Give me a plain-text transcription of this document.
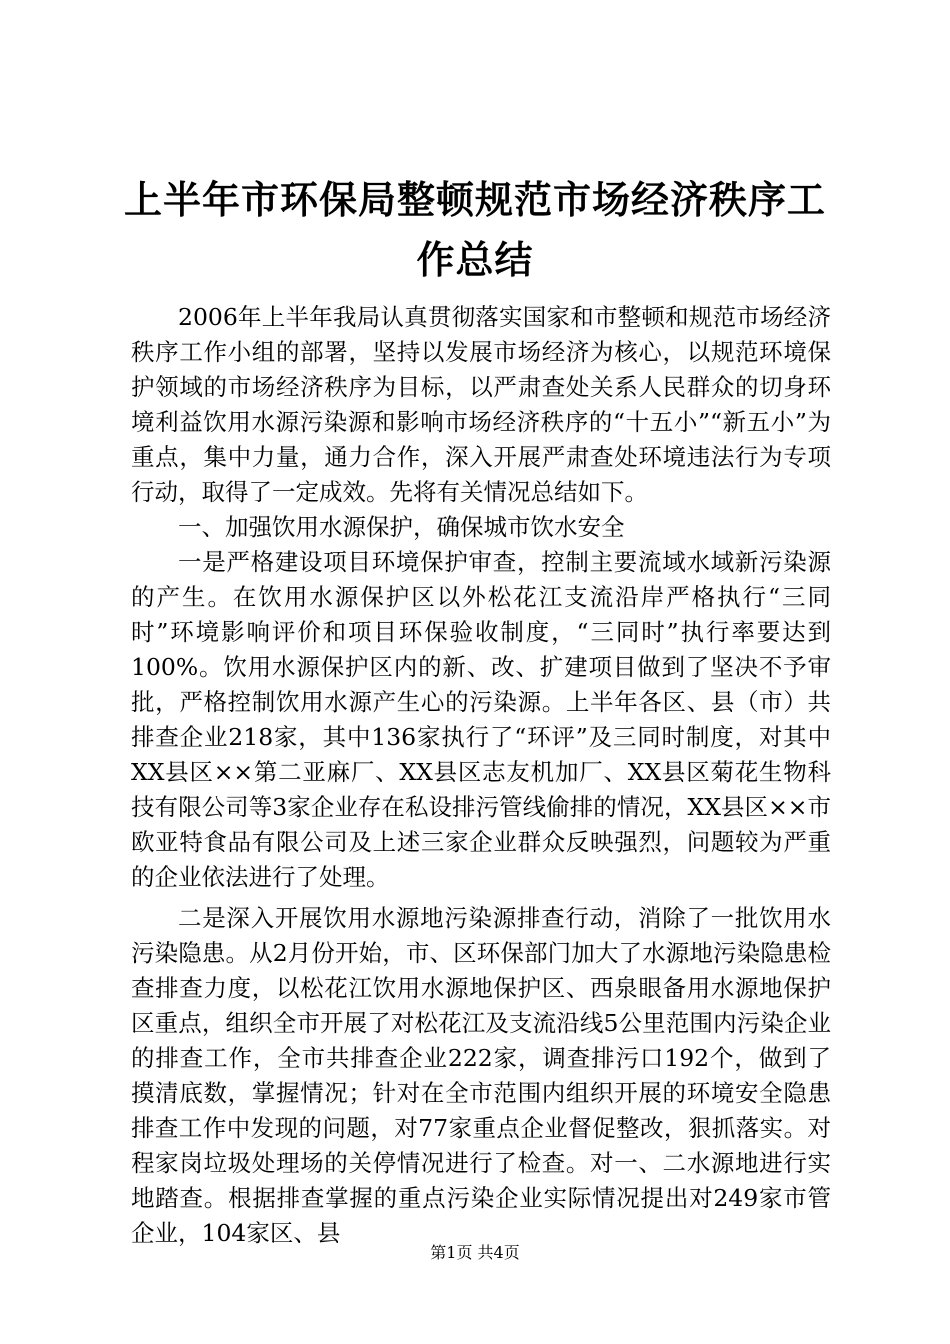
上半年市环保局整顿规范市场经济秩序工作总结

2006年上半年我局认真贯彻落实国家和市整顿和规范市场经济秩序工作小组的部署，坚持以发展市场经济为核心，以规范环境保护领域的市场经济秩序为目标，以严肃查处关系人民群众的切身环境利益饮用水源污染源和影响市场经济秩序的“十五小”“新五小”为重点，集中力量，通力合作，深入开展严肃查处环境违法行为专项行动，取得了一定成效。先将有关情况总结如下。

一、加强饮用水源保护，确保城市饮水安全

一是严格建设项目环境保护审查，控制主要流域水域新污染源的产生。在饮用水源保护区以外松花江支流沿岸严格执行“三同时”环境影响评价和项目环保验收制度，“三同时”执行率要达到100%。饮用水源保护区内的新、改、扩建项目做到了坚决不予审批，严格控制饮用水源产生心的污染源。上半年各区、县（市）共排查企业218家，其中136家执行了“环评”及三同时制度，对其中XX县区××第二亚麻厂、XX县区志友机加厂、XX县区菊花生物科技有限公司等3家企业存在私设排污管线偷排的情况，XX县区××市欧亚特食品有限公司及上述三家企业群众反映强烈，问题较为严重的企业依法进行了处理。

二是深入开展饮用水源地污染源排查行动，消除了一批饮用水污染隐患。从2月份开始，市、区环保部门加大了水源地污染隐患检查排查力度，以松花江饮用水源地保护区、西泉眼备用水源地保护区重点，组织全市开展了对松花江及支流沿线5公里范围内污染企业的排查工作，全市共排查企业222家，调查排污口192个，做到了摸清底数，掌握情况；针对在全市范围内组织开展的环境安全隐患排查工作中发现的问题，对77家重点企业督促整改，狠抓落实。对程家岗垃圾处理场的关停情况进行了检查。对一、二水源地进行实地踏查。根据排查掌握的重点污染企业实际情况提出对249家市管企业，104家区、县

第1页 共4页
